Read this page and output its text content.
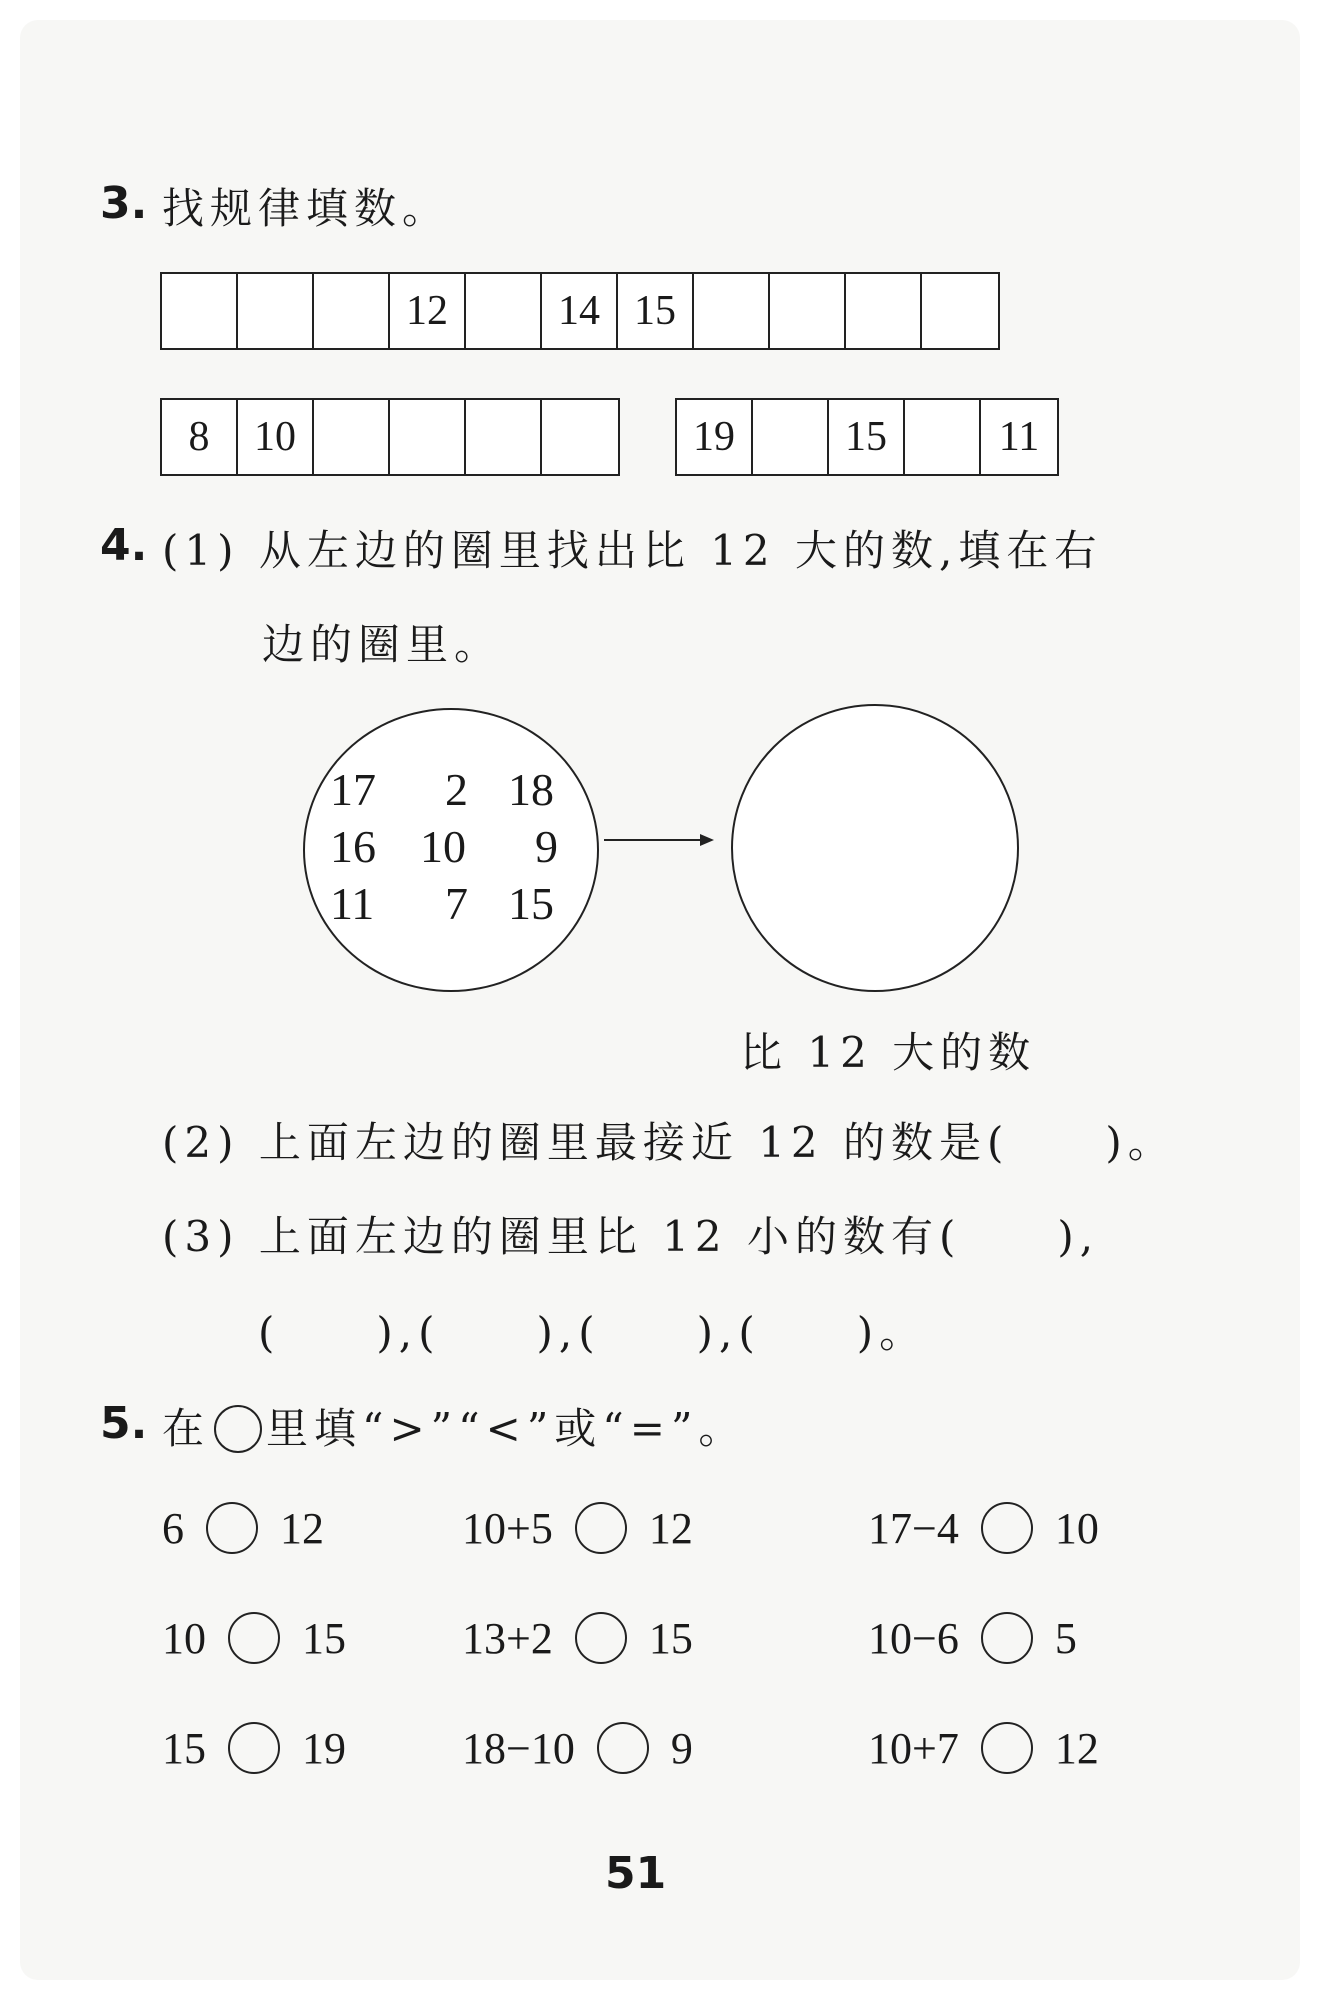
3. 找规律填数。
12	14 15
8	10	19	15	11
4. (1) 从左边的圈里找出比 12 大的数,填在右
边的圈里。
17 2 18
16 10 9
11 7 15
比 12 大的数
(2) 上面左边的圈里最接近 12 的数是(　　)。
(3) 上面左边的圈里比 12 小的数有(　　),
(　　),(　　),(　　),(　　)。
5. 在 里填“>”“<”或“=”。
6 12	10+5 12	17−4 10
10 15	13+2 15	10−6 5
15 19	18−10 9	10+7 12
51
